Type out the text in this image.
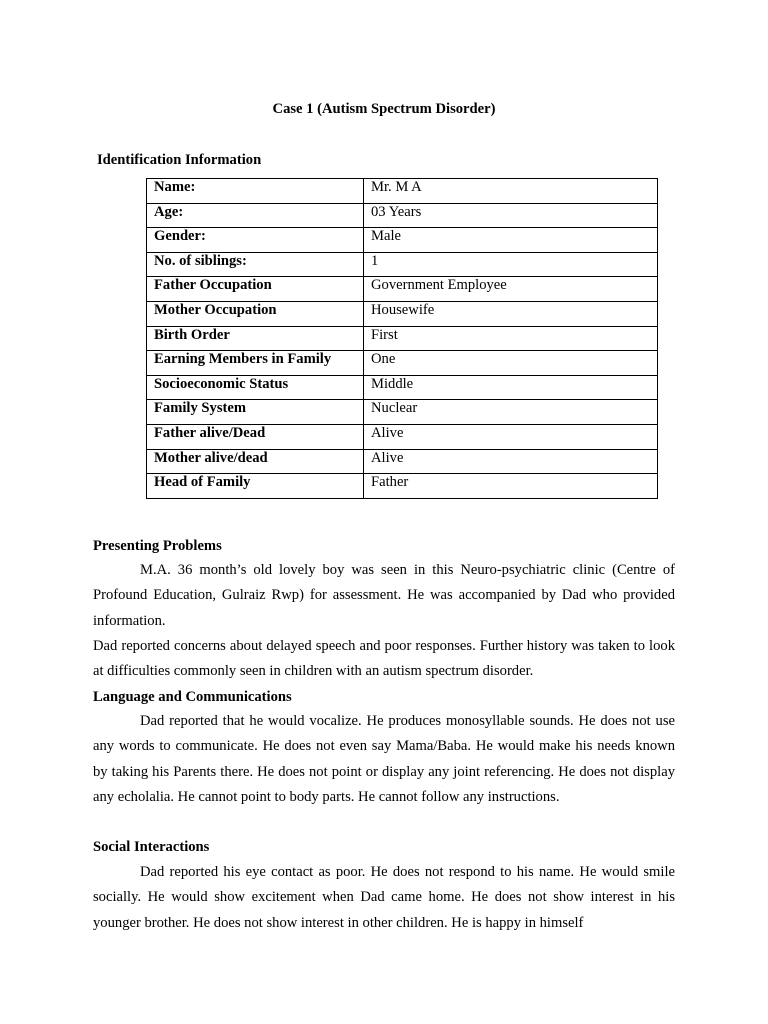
Case 1 (Autism Spectrum Disorder)
Identification Information
Name:	Mr. M A
Age:	03 Years
Gender:	Male
No. of siblings:	1
Father Occupation	Government Employee
Mother Occupation	Housewife
Birth Order	First
Earning Members in Family	One
Socioeconomic Status	Middle
Family System	Nuclear
Father alive/Dead	Alive
Mother alive/dead	Alive
Head of Family	Father
Presenting Problems

M.A. 36 month’s old lovely boy was seen in this Neuro-psychiatric clinic (Centre of Profound Education, Gulraiz Rwp) for assessment. He was accompanied by Dad who provided information.

Dad reported concerns about delayed speech and poor responses. Further history was taken to look at difficulties commonly seen in children with an autism spectrum disorder.

Language and Communications

Dad reported that he would vocalize. He produces monosyllable sounds. He does not use any words to communicate. He does not even say Mama/Baba. He would make his needs known by taking his Parents there. He does not point or display any joint referencing. He does not display any echolalia. He cannot point to body parts. He cannot follow any instructions.

Social Interactions

Dad reported his eye contact as poor. He does not respond to his name. He would smile socially. He would show excitement when Dad came home. He does not show interest in his younger brother. He does not show interest in other children. He is happy in himself
